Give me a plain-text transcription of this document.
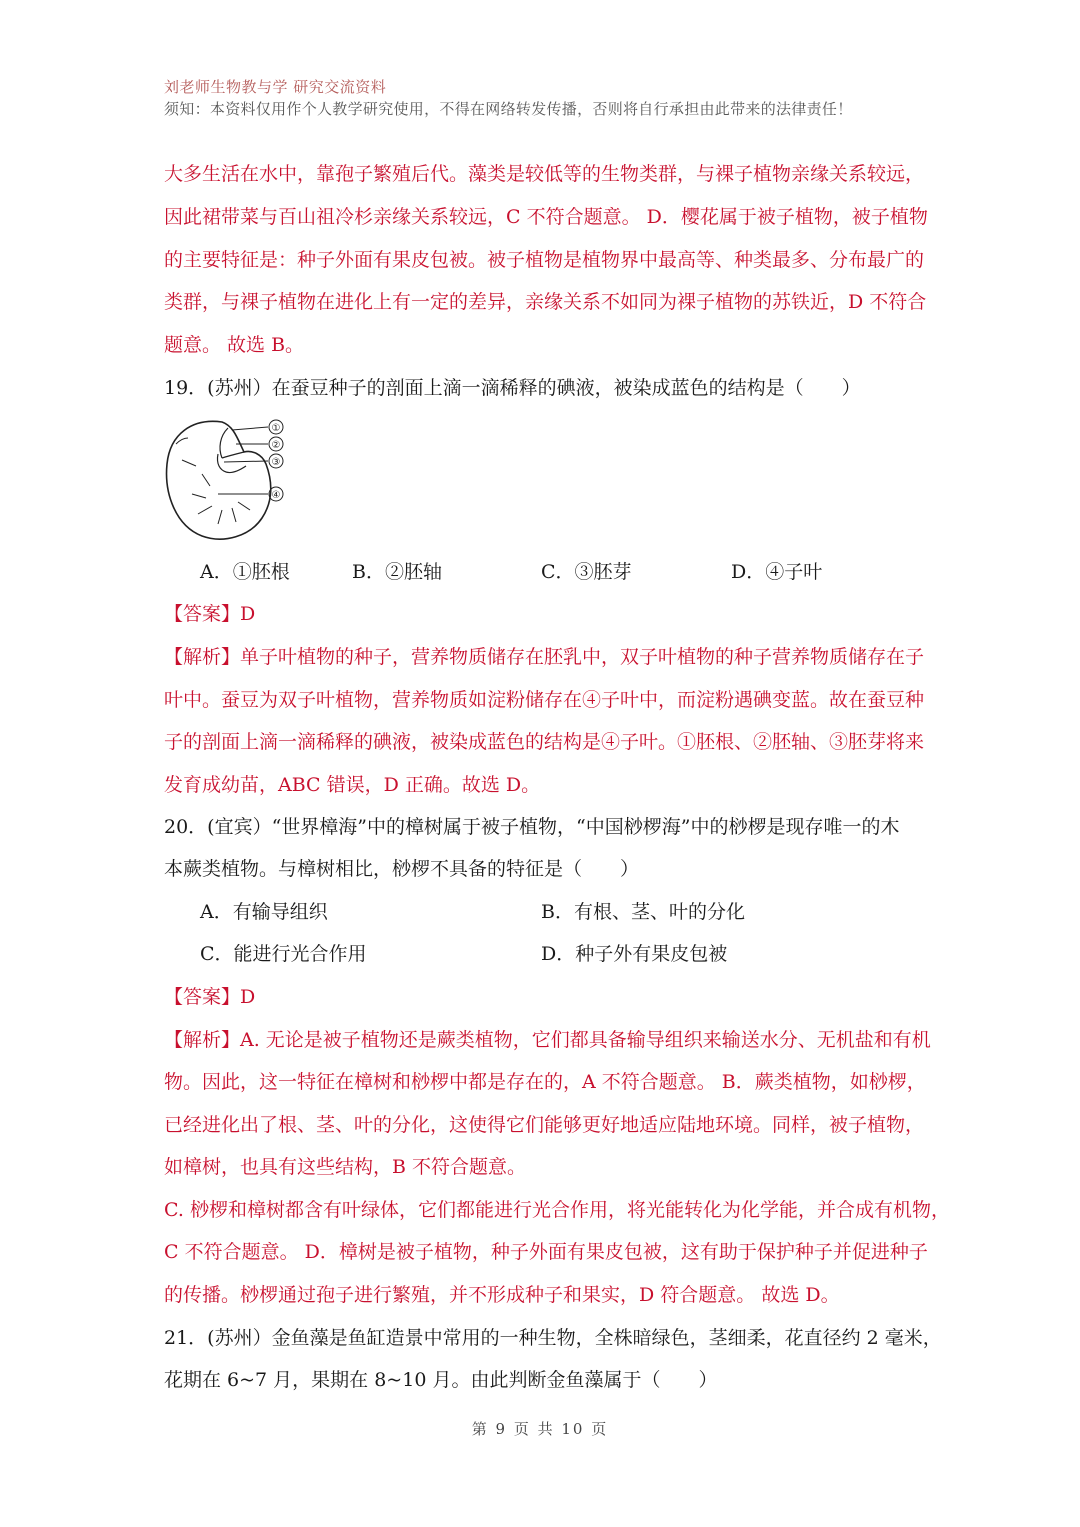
刘老师生物教与学 研究交流资料
须知：本资料仅用作个人教学研究使用，不得在网络转发传播，否则将自行承担由此带来的法律责任！
大多生活在水中，靠孢子繁殖后代。藻类是较低等的生物类群，与裸子植物亲缘关系较远，
因此裙带菜与百山祖冷杉亲缘关系较远，C 不符合题意。 D．樱花属于被子植物，被子植物
的主要特征是：种子外面有果皮包被。被子植物是植物界中最高等、种类最多、分布最广的
类群，与裸子植物在进化上有一定的差异，亲缘关系不如同为裸子植物的苏铁近，D 不符合
题意。 故选 B。
19．(苏州）在蚕豆种子的剖面上滴一滴稀释的碘液，被染成蓝色的结构是（　　）
①
②
③
④
A．①胚根	B．②胚轴	C．③胚芽	D．④子叶
【答案】D
【解析】单子叶植物的种子，营养物质储存在胚乳中，双子叶植物的种子营养物质储存在子
叶中。蚕豆为双子叶植物，营养物质如淀粉储存在④子叶中，而淀粉遇碘变蓝。故在蚕豆种
子的剖面上滴一滴稀释的碘液，被染成蓝色的结构是④子叶。①胚根、②胚轴、③胚芽将来
发育成幼苗，ABC 错误，D 正确。故选 D。
20．(宜宾）“世界樟海”中的樟树属于被子植物，“中国桫椤海”中的桫椤是现存唯一的木
本蕨类植物。与樟树相比，桫椤不具备的特征是（　　）
A．有输导组织	B．有根、茎、叶的分化
C．能进行光合作用	D．种子外有果皮包被
【答案】D
【解析】A. 无论是被子植物还是蕨类植物，它们都具备输导组织来输送水分、无机盐和有机
物。因此，这一特征在樟树和桫椤中都是存在的，A 不符合题意。 B．蕨类植物，如桫椤，
已经进化出了根、茎、叶的分化，这使得它们能够更好地适应陆地环境。同样，被子植物，
如樟树，也具有这些结构，B 不符合题意。
C. 桫椤和樟树都含有叶绿体，它们都能进行光合作用，将光能转化为化学能，并合成有机物，
C 不符合题意。 D．樟树是被子植物，种子外面有果皮包被，这有助于保护种子并促进种子
的传播。桫椤通过孢子进行繁殖，并不形成种子和果实，D 符合题意。 故选 D。
21．(苏州）金鱼藻是鱼缸造景中常用的一种生物，全株暗绿色，茎细柔，花直径约 2 毫米，
花期在 6~7 月，果期在 8~10 月。由此判断金鱼藻属于（　　）
第 9 页 共 10 页
